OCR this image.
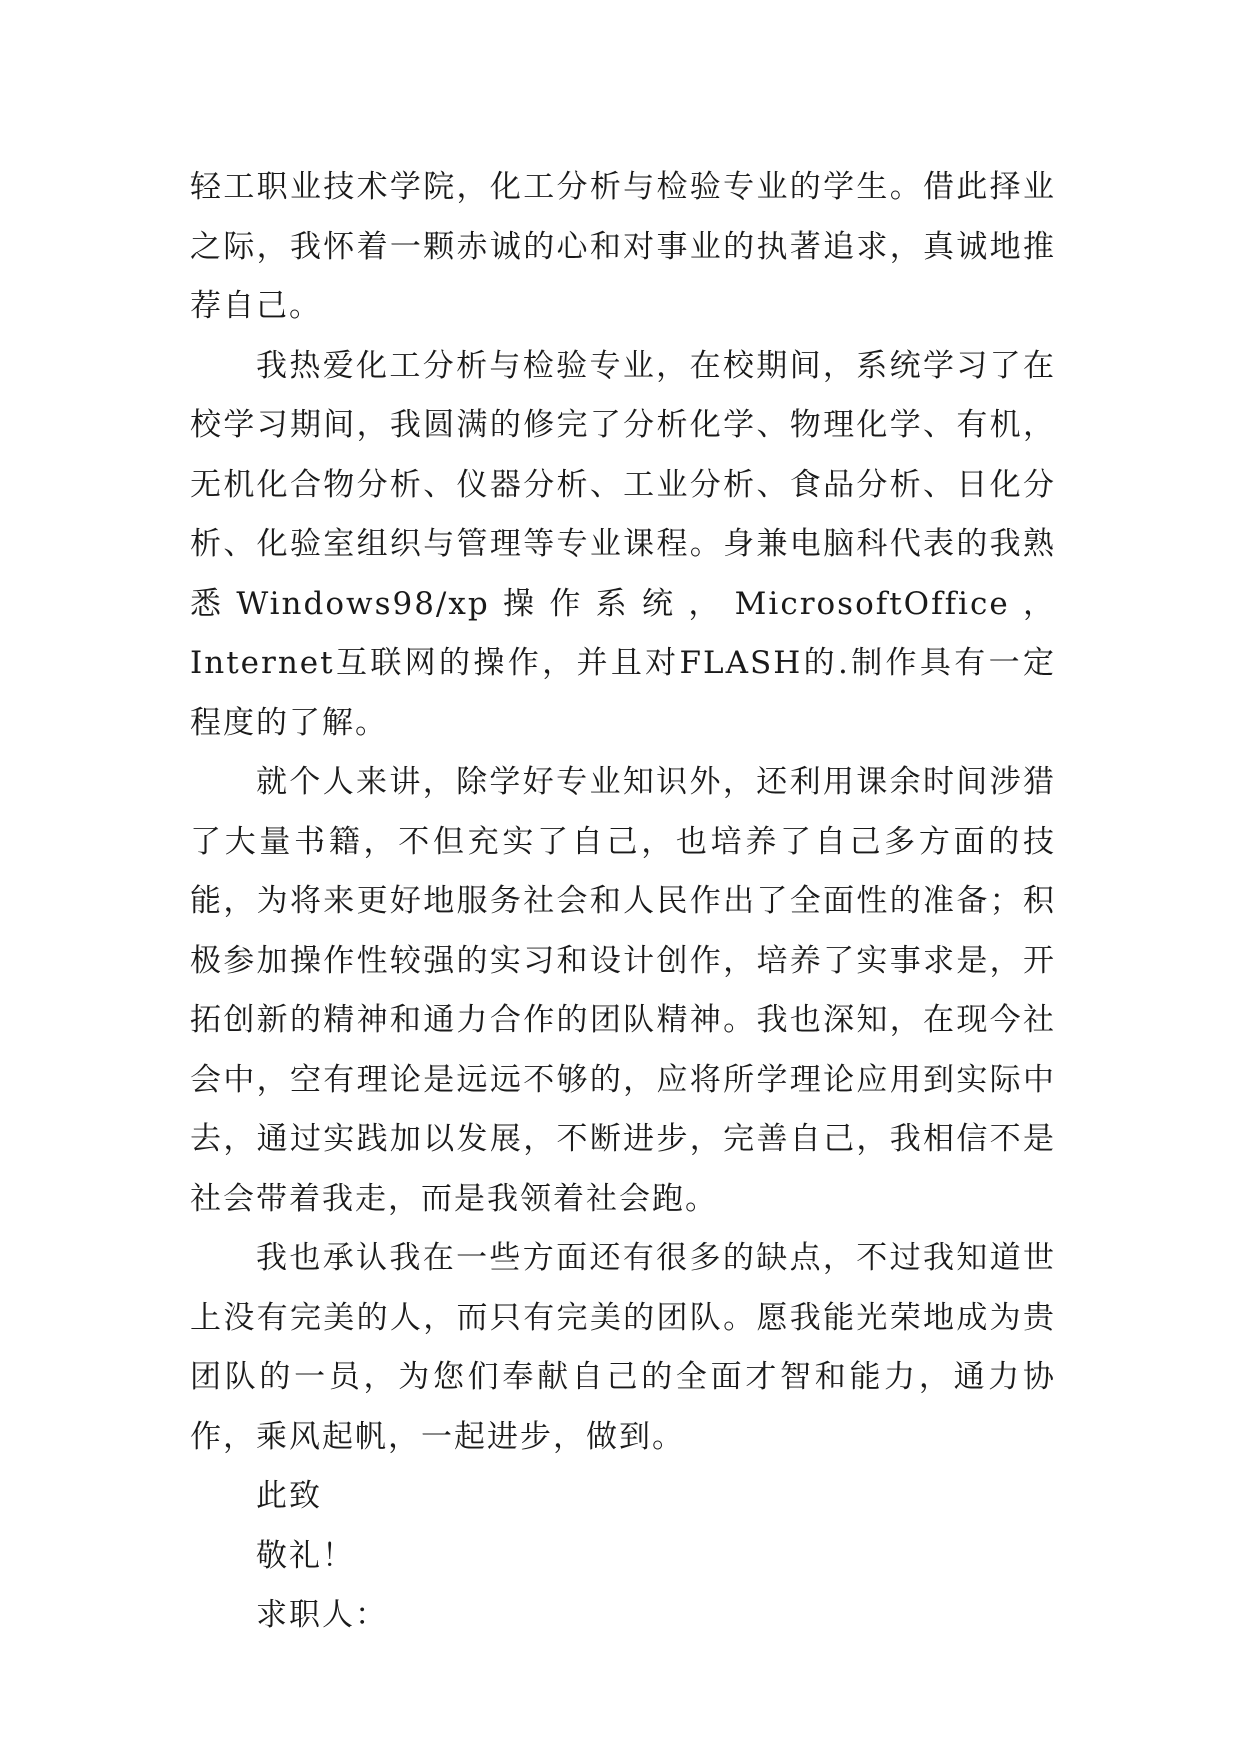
轻工职业技术学院，化工分析与检验专业的学生。借此择业之际，我怀着一颗赤诚的心和对事业的执著追求，真诚地推荐自己。

我热爱化工分析与检验专业，在校期间，系统学习了在校学习期间，我圆满的修完了分析化学、物理化学、有机，无机化合物分析、仪器分析、工业分析、食品分析、日化分析、化验室组织与管理等专业课程。身兼电脑科代表的我熟悉Windows98/xp操作系统，MicrosoftOffice，Internet互联网的操作，并且对FLASH的.制作具有一定程度的了解。

就个人来讲，除学好专业知识外，还利用课余时间涉猎了大量书籍，不但充实了自己，也培养了自己多方面的技能，为将来更好地服务社会和人民作出了全面性的准备；积极参加操作性较强的实习和设计创作，培养了实事求是，开拓创新的精神和通力合作的团队精神。我也深知，在现今社会中，空有理论是远远不够的，应将所学理论应用到实际中去，通过实践加以发展，不断进步，完善自己，我相信不是社会带着我走，而是我领着社会跑。

我也承认我在一些方面还有很多的缺点，不过我知道世上没有完美的人，而只有完美的团队。愿我能光荣地成为贵团队的一员，为您们奉献自己的全面才智和能力，通力协作，乘风起帆，一起进步，做到。

此致

敬礼！

求职人：
